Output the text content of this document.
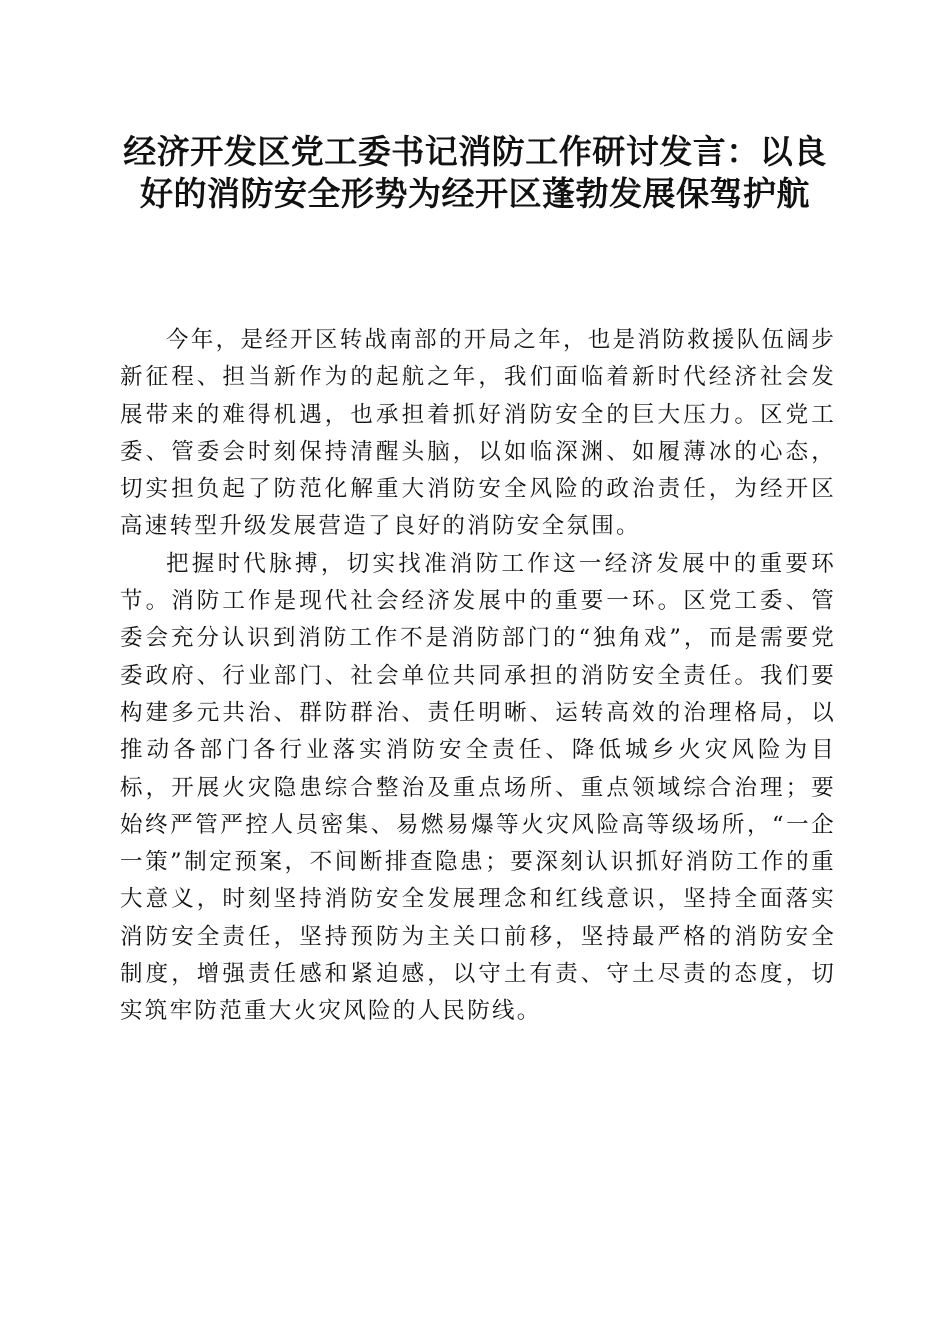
经济开发区党工委书记消防工作研讨发言：以良好的消防安全形势为经开区蓬勃发展保驾护航

今年，是经开区转战南部的开局之年，也是消防救援队伍阔步新征程、担当新作为的起航之年，我们面临着新时代经济社会发展带来的难得机遇，也承担着抓好消防安全的巨大压力。区党工委、管委会时刻保持清醒头脑，以如临深渊、如履薄冰的心态，切实担负起了防范化解重大消防安全风险的政治责任，为经开区高速转型升级发展营造了良好的消防安全氛围。

把握时代脉搏，切实找准消防工作这一经济发展中的重要环节。消防工作是现代社会经济发展中的重要一环。区党工委、管委会充分认识到消防工作不是消防部门的“独角戏”，而是需要党委政府、行业部门、社会单位共同承担的消防安全责任。我们要构建多元共治、群防群治、责任明晰、运转高效的治理格局，以推动各部门各行业落实消防安全责任、降低城乡火灾风险为目标，开展火灾隐患综合整治及重点场所、重点领域综合治理；要始终严管严控人员密集、易燃易爆等火灾风险高等级场所，“一企一策”制定预案，不间断排查隐患；要深刻认识抓好消防工作的重大意义，时刻坚持消防安全发展理念和红线意识，坚持全面落实消防安全责任，坚持预防为主关口前移，坚持最严格的消防安全制度，增强责任感和紧迫感，以守土有责、守土尽责的态度，切实筑牢防范重大火灾风险的人民防线。
